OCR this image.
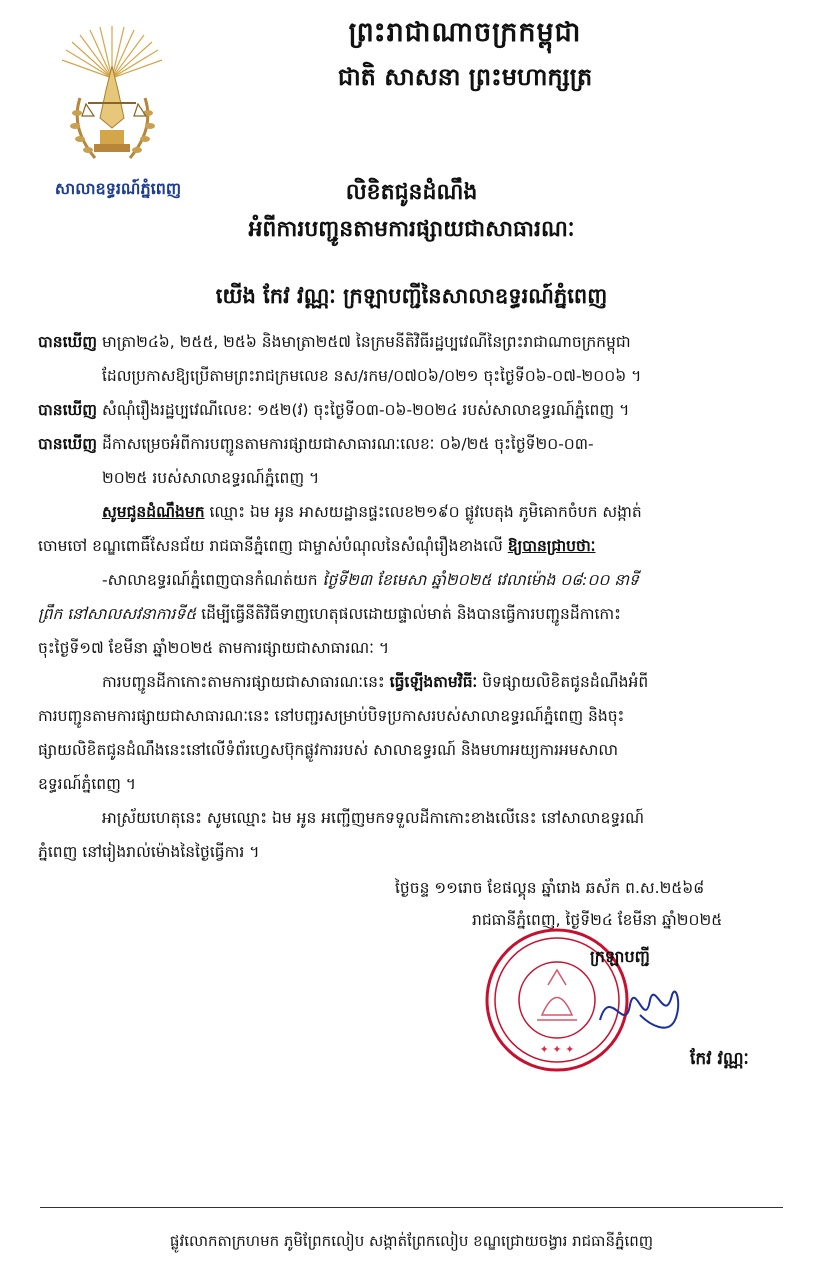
សាលាឧទ្ធរណ៍ភ្នំពេញ
ព្រះរាជាណាចក្រកម្ពុជា
ជាតិ សាសនា ព្រះមហាក្សត្រ
លិខិតជូនដំណឹង
អំពីការបញ្ជូនតាមការផ្សាយជាសាធារណៈ
យើង កែវ វណ្ណៈ ក្រឡាបញ្ជីនៃសាលាឧទ្ធរណ៍ភ្នំពេញ

បានឃើញ មាត្រា២៤៦, ២៥៥, ២៥៦ និងមាត្រា២៥៧ នៃក្រមនីតិវិធីរដ្ឋប្បវេណីនៃព្រះរាជាណាចក្រកម្ពុជា

ដែលប្រកាសឱ្យប្រើតាមព្រះរាជក្រមលេខ នស/រកម/០៧០៦/០២១ ចុះថ្ងៃទី០៦-០៧-២០០៦ ។

បានឃើញ សំណុំរឿងរដ្ឋប្បវេណីលេខៈ ១៥២(វ) ចុះថ្ងៃទី០៣-០៦-២០២៤ របស់សាលាឧទ្ធរណ៍ភ្នំពេញ ។

បានឃើញ ដីកាសម្រេចអំពីការបញ្ជូនតាមការផ្សាយជាសាធារណៈលេខៈ ០៦/២៥ ចុះថ្ងៃទី២០-០៣-

២០២៥ របស់សាលាឧទ្ធរណ៍ភ្នំពេញ ។

សូមជូនដំណឹងមក ឈ្មោះ ឯម អូន អាសយដ្ឋានផ្ទះលេខ២១៩០ ផ្លូវបេតុង ភូមិគោកចំបក សង្កាត់

ចោមចៅ ខណ្ឌពោធិ៍សែនជ័យ រាជធានីភ្នំពេញ ជាម្ចាស់បំណុលនៃសំណុំរឿងខាងលើ ឱ្យបានជ្រាបថាៈ

-សាលាឧទ្ធរណ៍ភ្នំពេញបានកំណត់យក ថ្ងៃទី២៣ ខែមេសា ឆ្នាំ២០២៥ វេលាម៉ោង ០៨:០០ នាទី

ព្រឹក នៅសាលសវនាការទី៥ ដើម្បីធ្វើនីតិវិធីទាញហេតុផលដោយផ្ទាល់មាត់ និងបានធ្វើការបញ្ជូនដីកាកោះ

ចុះថ្ងៃទី១៧ ខែមីនា ឆ្នាំ២០២៥ តាមការផ្សាយជាសាធារណៈ ។

ការបញ្ជូនដីកាកោះតាមការផ្សាយជាសាធារណៈនេះ ធ្វើឡើងតាមវិធីៈ បិទផ្សាយលិខិតជូនដំណឹងអំពី

ការបញ្ជូនតាមការផ្សាយជាសាធារណៈនេះ នៅបញ្ជរសម្រាប់បិទប្រកាសរបស់សាលាឧទ្ធរណ៍ភ្នំពេញ និងចុះ

ផ្សាយលិខិតជូនដំណឹងនេះនៅលើទំព័រហ្វេសប៊ុកផ្លូវការរបស់ សាលាឧទ្ធរណ៍ និងមហាអយ្យការអមសាលា

ឧទ្ធរណ៍ភ្នំពេញ ។

អាស្រ័យហេតុនេះ សូមឈ្មោះ ឯម អូន អញ្ជើញមកទទួលដីកាកោះខាងលើនេះ នៅសាលាឧទ្ធរណ៍

ភ្នំពេញ នៅរៀងរាល់ម៉ោងនៃថ្ងៃធ្វើការ ។

ថ្ងៃចន្ទ ១១រោច ខែផល្គុន ឆ្នាំរោង ឆស័ក ព.ស.២៥៦៨
រាជធានីភ្នំពេញ, ថ្ងៃទី២៤ ខែមីនា ឆ្នាំ២០២៥
✦ ✦ ✦
ក្រឡាបញ្ជី
កែវ វណ្ណៈ
ផ្លូវលោកតាក្រហមក ភូមិព្រែកលៀប សង្កាត់ព្រែកលៀប ខណ្ឌជ្រោយចង្វារ រាជធានីភ្នំពេញ
